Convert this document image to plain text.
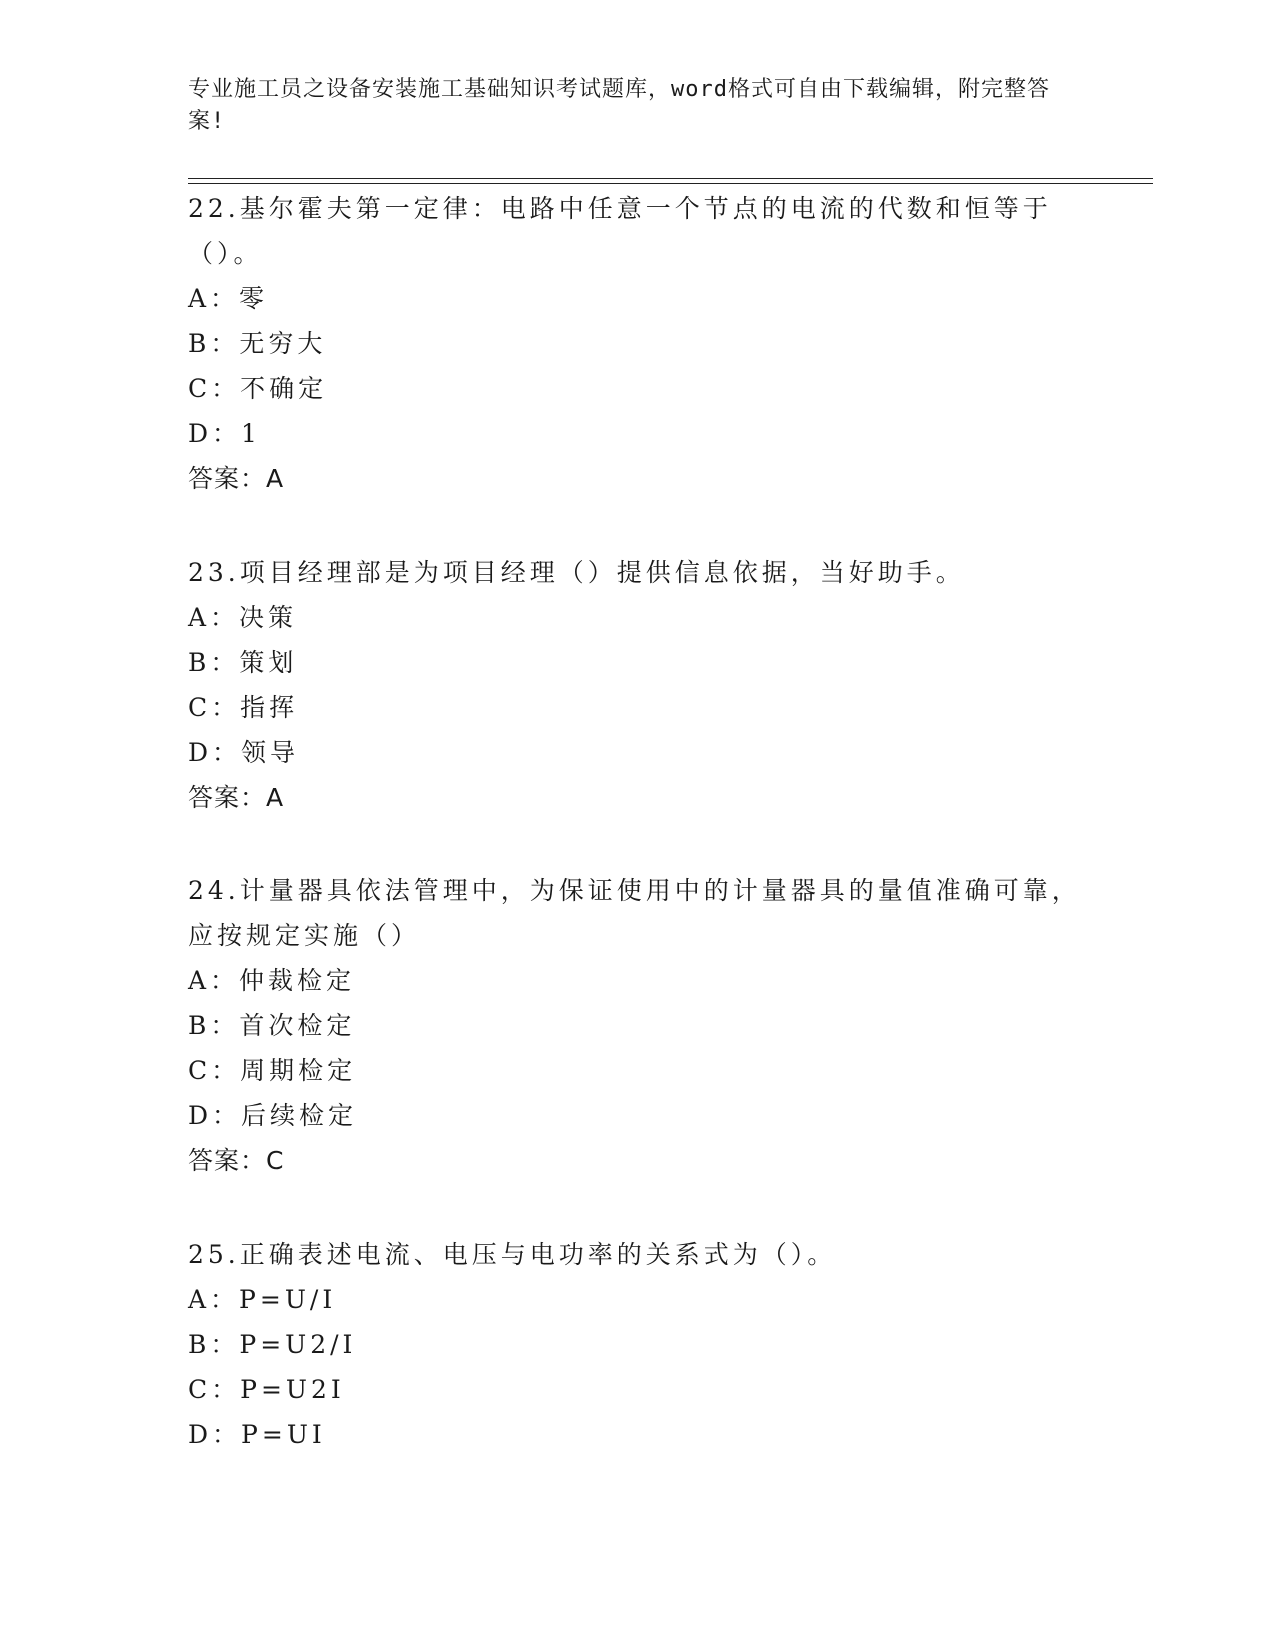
专业施工员之设备安装施工基础知识考试题库，word格式可自由下载编辑，附完整答案!
22.基尔霍夫第一定律：电路中任意一个节点的电流的代数和恒等于（）。
A：零
B：无穷大
C：不确定
D：1
答案：A
23.项目经理部是为项目经理（）提供信息依据，当好助手。
A：决策
B：策划
C：指挥
D：领导
答案：A
24.计量器具依法管理中，为保证使用中的计量器具的量值准确可靠，应按规定实施（）
A：仲裁检定
B：首次检定
C：周期检定
D：后续检定
答案：C
25.正确表述电流、电压与电功率的关系式为（）。
A：P=U/I
B：P=U2/I
C：P=U2I
D：P=UI
